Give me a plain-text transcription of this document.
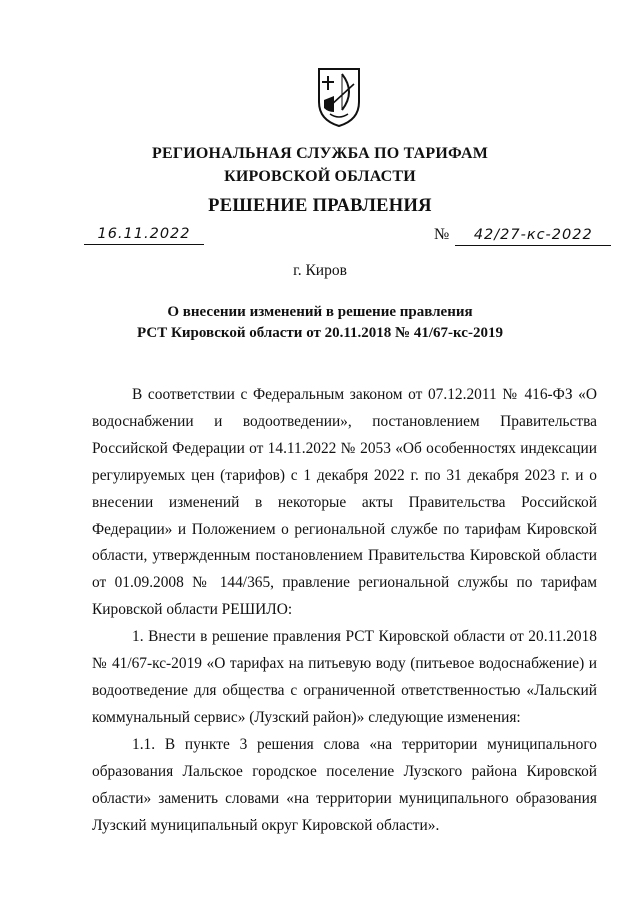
РЕГИОНАЛЬНАЯ СЛУЖБА ПО ТАРИФАМ
КИРОВСКОЙ ОБЛАСТИ
РЕШЕНИЕ ПРАВЛЕНИЯ
16.11.2022	№	42/27-кс-2022
г. Киров
О внесении изменений в решение правления
РСТ Кировской области от 20.11.2018 № 41/67-кс-2019

В соответствии с Федеральным законом от 07.12.2011 № 416-ФЗ «О водоснабжении и водоотведении», постановлением Правительства Российской Федерации от 14.11.2022 № 2053 «Об особенностях индексации регулируемых цен (тарифов) с 1 декабря 2022 г. по 31 декабря 2023 г. и о внесении изменений в некоторые акты Правительства Российской Федерации» и Положением о региональной службе по тарифам Кировской области, утвержденным постановлением Правительства Кировской области от 01.09.2008 № 144/365, правление региональной службы по тарифам Кировской области РЕШИЛО:

1. Внести в решение правления РСТ Кировской области от 20.11.2018 № 41/67-кс-2019 «О тарифах на питьевую воду (питьевое водоснабжение) и водоотведение для общества с ограниченной ответственностью «Лальский коммунальный сервис» (Лузский район)» следующие изменения:

1.1. В пункте 3 решения слова «на территории муниципального образования Лальское городское поселение Лузского района Кировской области» заменить словами «на территории муниципального образования Лузский муниципальный округ Кировской области».
